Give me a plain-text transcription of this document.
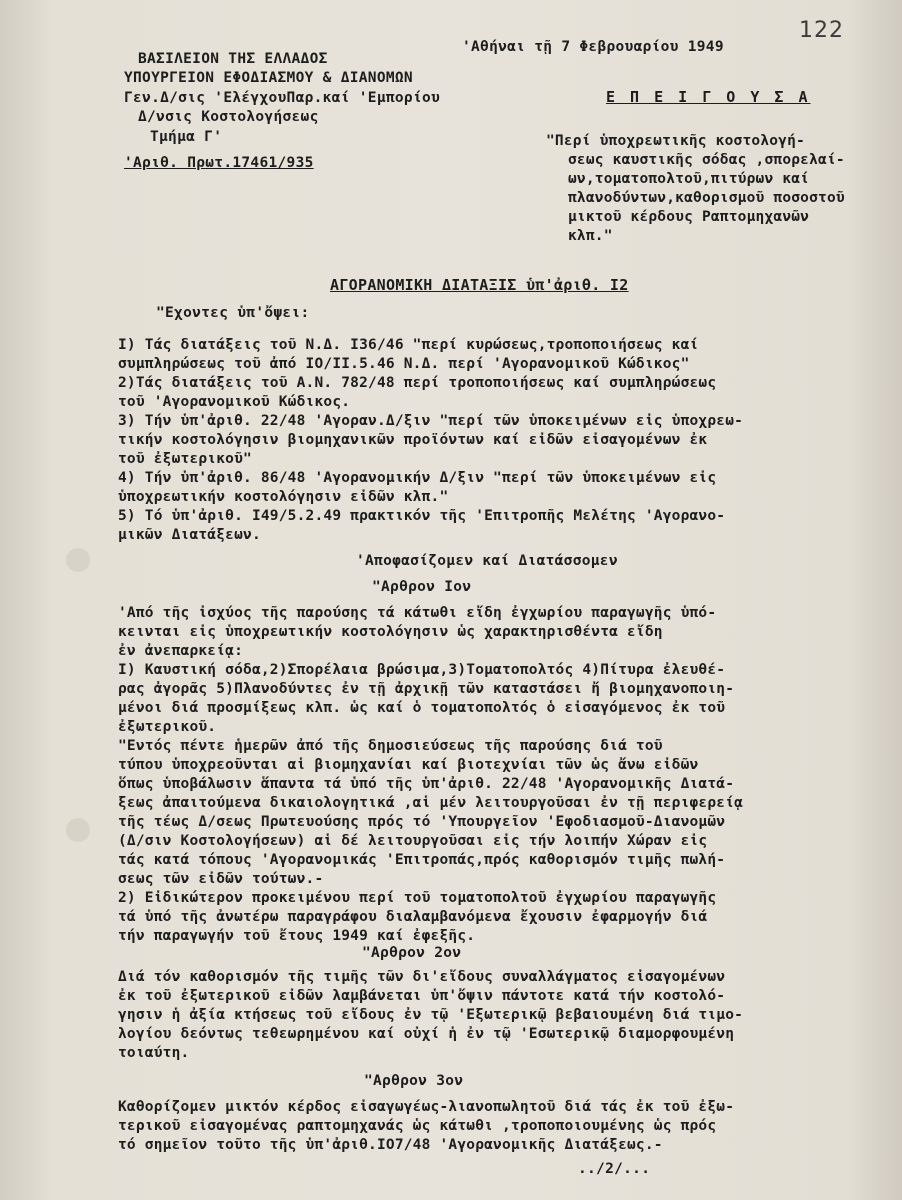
122
ΒΑΣΙΛΕΙΟΝ ΤΗΣ ΕΛΛΑΔΟΣ
ΥΠΟΥΡΓΕΙΟΝ ΕΦΟΔΙΑΣΜΟΥ & ΔΙΑΝΟΜΩΝ
Γεν.Δ/σις 'ΕλέγχουΠαρ.καί 'Εμπορίου
Δ/νσις Κοστολογήσεως
Τμήμα Γ'
'Αριθ. Πρωτ.17461/935
'Αθήναι τῇ 7 Φεβρουαρίου 1949
Ε Π Ε Ι Γ Ο Υ Σ Α

"Περί ὑποχρεωτικῆς κοστολογή-

σεως καυστικῆς σόδας ,σπορελαί-

ων,τοματοπολτοῦ,πιτύρων καί

πλανοδύντων,καθορισμοῦ ποσοστοῦ

μικτοῦ κέρδους Ραπτομηχανῶν

κλπ."

ΑΓΟΡΑΝΟΜΙΚΗ ΔΙΑΤΑΞΙΣ ὑπ'ἀριθ. Ι2
"Εχοντες ὑπ'ὄψει:

Ι) Τάς διατάξεις τοῦ Ν.Δ. Ι36/46 "περί κυρώσεως,τροποποιήσεως καί

συμπληρώσεως τοῦ ἀπό ΙΟ/ΙΙ.5.46 Ν.Δ. περί 'Αγορανομικοῦ Κώδικος"

2)Τάς διατάξεις τοῦ Α.Ν. 782/48 περί τροποποιήσεως καί συμπληρώσεως

τοῦ 'Αγορανομικοῦ Κώδικος.

3) Τήν ὑπ'ἀριθ. 22/48 'Αγοραν.Δ/ξιν "περί τῶν ὑποκειμένων εἰς ὑποχρεω-

τικήν κοστολόγησιν βιομηχανικῶν προϊόντων καί εἰδῶν εἰσαγομένων ἐκ

τοῦ ἐξωτερικοῦ"

4) Τήν ὑπ'ἀριθ. 86/48 'Αγορανομικήν Δ/ξιν "περί τῶν ὑποκειμένων εἰς

ὑποχρεωτικήν κοστολόγησιν εἰδῶν κλπ."

5) Τό ὑπ'ἀριθ. Ι49/5.2.49 πρακτικόν τῆς 'Επιτροπῆς Μελέτης 'Αγορανο-

μικῶν Διατάξεων.

'Αποφασίζομεν καί Διατάσσομεν
"Αρθρον Ιον

'Από τῆς ἰσχύος τῆς παρούσης τά κάτωθι εἴδη ἐγχωρίου παραγωγῆς ὑπό-

κεινται εἰς ὑποχρεωτικήν κοστολόγησιν ὡς χαρακτηρισθέντα εἴδη

ἐν ἀνεπαρκείᾳ:

Ι) Καυστική σόδα,2)Σπορέλαια βρώσιμα,3)Τοματοπολτός 4)Πίτυρα ἐλευθέ-

ρας ἀγορᾶς 5)Πλανοδύντες ἐν τῇ ἀρχικῇ τῶν καταστάσει ἤ βιομηχανοποιη-

μένοι διά προσμίξεως κλπ. ὡς καί ὁ τοματοπολτός ὁ εἰσαγόμενος ἐκ τοῦ

ἐξωτερικοῦ.

"Εντός πέντε ἡμερῶν ἀπό τῆς δημοσιεύσεως τῆς παρούσης διά τοῦ

τύπου ὑποχρεοῦνται αἱ βιομηχανίαι καί βιοτεχνίαι τῶν ὡς ἄνω εἰδῶν

ὅπως ὑποβάλωσιν ἅπαντα τά ὑπό τῆς ὑπ'ἀριθ. 22/48 'Αγορανομικῆς Διατά-

ξεως ἀπαιτούμενα δικαιολογητικά ,αἱ μέν λειτουργοῦσαι ἐν τῇ περιφερείᾳ

τῆς τέως Δ/σεως Πρωτευούσης πρός τό 'Υπουργεῖον 'Εφοδιασμοῦ-Διανομῶν

(Δ/σιν Κοστολογήσεων) αἱ δέ λειτουργοῦσαι εἰς τήν λοιπήν Χώραν εἰς

τάς κατά τόπους 'Αγορανομικάς 'Επιτροπάς,πρός καθορισμόν τιμῆς πωλή-

σεως τῶν εἰδῶν τούτων.-

2) Εἰδικώτερον προκειμένου περί τοῦ τοματοπολτοῦ ἐγχωρίου παραγωγῆς

τά ὑπό τῆς ἀνωτέρω παραγράφου διαλαμβανόμενα ἔχουσιν ἐφαρμογήν διά

τήν παραγωγήν τοῦ ἔτους 1949 καί ἐφεξῆς.

"Αρθρον 2ον

Διά τόν καθορισμόν τῆς τιμῆς τῶν δι'εἴδους συναλλάγματος εἰσαγομένων

ἐκ τοῦ ἐξωτερικοῦ εἰδῶν λαμβάνεται ὑπ'ὄψιν πάντοτε κατά τήν κοστολό-

γησιν ἡ ἀξία κτήσεως τοῦ εἴδους ἐν τῷ 'Εξωτερικῷ βεβαιουμένη διά τιμο-

λογίου δεόντως τεθεωρημένου καί οὐχί ἡ ἐν τῷ 'Εσωτερικῷ διαμορφουμένη

τοιαύτη.

"Αρθρον 3ον

Καθορίζομεν μικτόν κέρδος εἰσαγωγέως-λιανοπωλητοῦ διά τάς ἐκ τοῦ ἐξω-

τερικοῦ εἰσαγομένας ραπτομηχανάς ὡς κάτωθι ,τροποποιουμένης ὡς πρός

τό σημεῖον τοῦτο τῆς ὑπ'ἀριθ.ΙΟ7/48 'Αγορανομικῆς Διατάξεως.-

../2/...
